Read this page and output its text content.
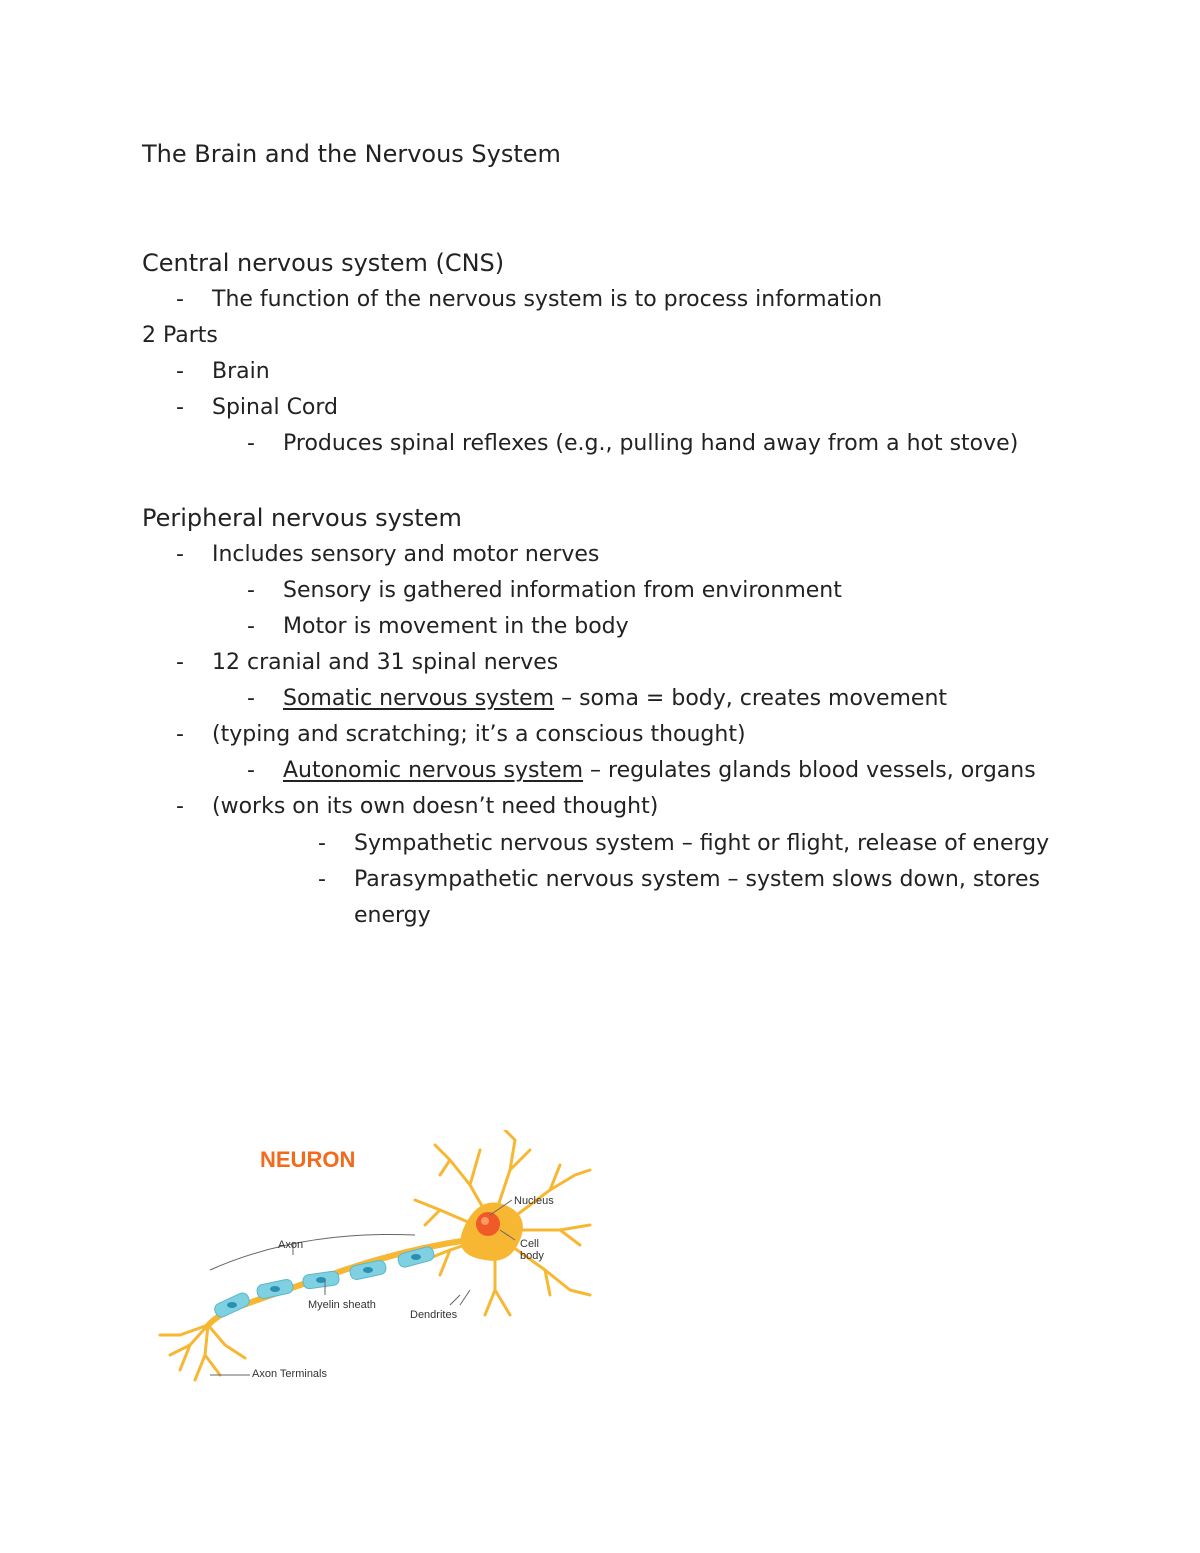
The Brain and the Nervous System
Central nervous system (CNS)
- The function of the nervous system is to process information
2 Parts
- Brain
- Spinal Cord
- Produces spinal reflexes (e.g., pulling hand away from a hot stove)
Peripheral nervous system
- Includes sensory and motor nerves
- Sensory is gathered information from environment
- Motor is movement in the body
- 12 cranial and 31 spinal nerves
- Somatic nervous system – soma = body, creates movement
- (typing and scratching; it’s a conscious thought)
- Autonomic nervous system – regulates glands blood vessels, organs
- (works on its own doesn’t need thought)
- Sympathetic nervous system – fight or flight, release of energy
- Parasympathetic nervous system – system slows down, stores
energy
NEURON
Nucleus
Cell
body
Axon
Myelin sheath
Dendrites
Axon Terminals
